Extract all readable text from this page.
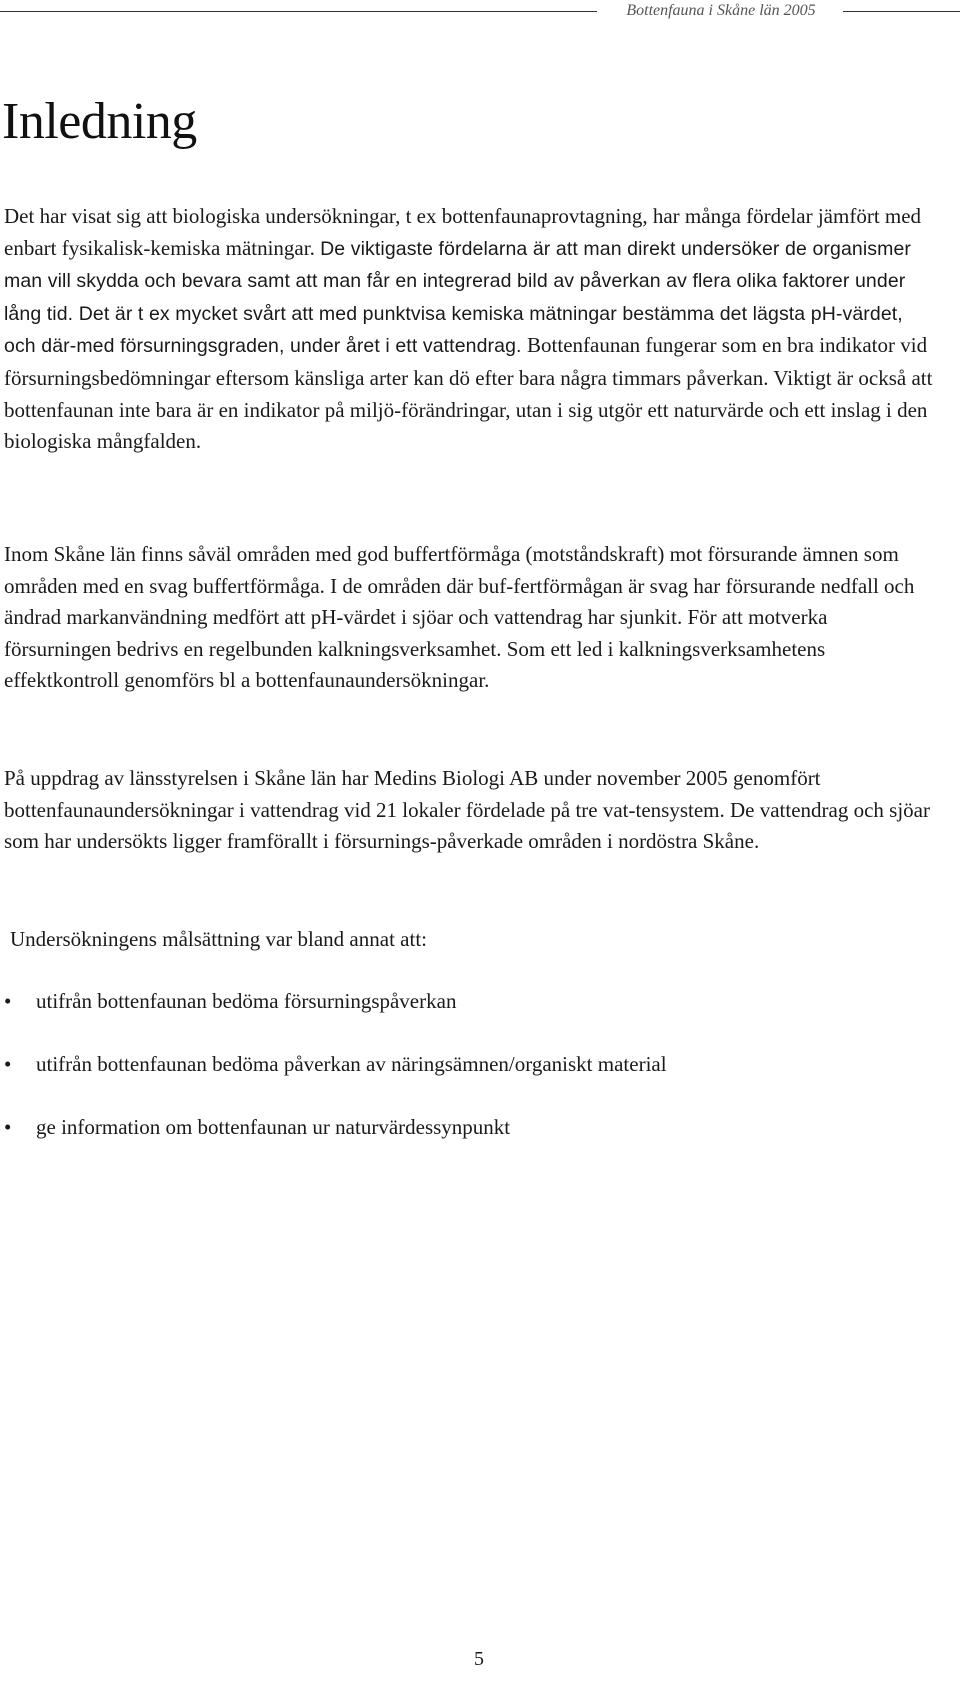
Bottenfauna i Skåne län 2005
Inledning

Det har visat sig att biologiska undersökningar, t ex bottenfaunaprovtagning, har många fördelar jämfört med enbart fysikalisk-kemiska mätningar. De viktigaste fördelarna är att man direkt undersöker de organismer man vill skydda och bevara samt att man får en integrerad bild av påverkan av flera olika faktorer under lång tid. Det är t ex mycket svårt att med punktvisa kemiska mätningar bestämma det lägsta pH-värdet, och där-med försurningsgraden, under året i ett vattendrag. Bottenfaunan fungerar som en bra indikator vid försurningsbedömningar eftersom känsliga arter kan dö efter bara några timmars påverkan. Viktigt är också att bottenfaunan inte bara är en indikator på miljö-förändringar, utan i sig utgör ett naturvärde och ett inslag i den biologiska mångfalden.

Inom Skåne län finns såväl områden med god buffertförmåga (motståndskraft) mot försurande ämnen som områden med en svag buffertförmåga. I de områden där buf-fertförmågan är svag har försurande nedfall och ändrad markanvändning medfört att pH-värdet i sjöar och vattendrag har sjunkit. För att motverka försurningen bedrivs en regelbunden kalkningsverksamhet. Som ett led i kalkningsverksamhetens effektkontroll genomförs bl a bottenfaunaundersökningar.

På uppdrag av länsstyrelsen i Skåne län har Medins Biologi AB under november 2005 genomfört bottenfaunaundersökningar i vattendrag vid 21 lokaler fördelade på tre vat-tensystem. De vattendrag och sjöar som har undersökts ligger framförallt i försurnings-påverkade områden i nordöstra Skåne.

Undersökningens målsättning var bland annat att:

• utifrån bottenfaunan bedöma försurningspåverkan
• utifrån bottenfaunan bedöma påverkan av näringsämnen/organiskt material
• ge information om bottenfaunan ur naturvärdessynpunkt
5
